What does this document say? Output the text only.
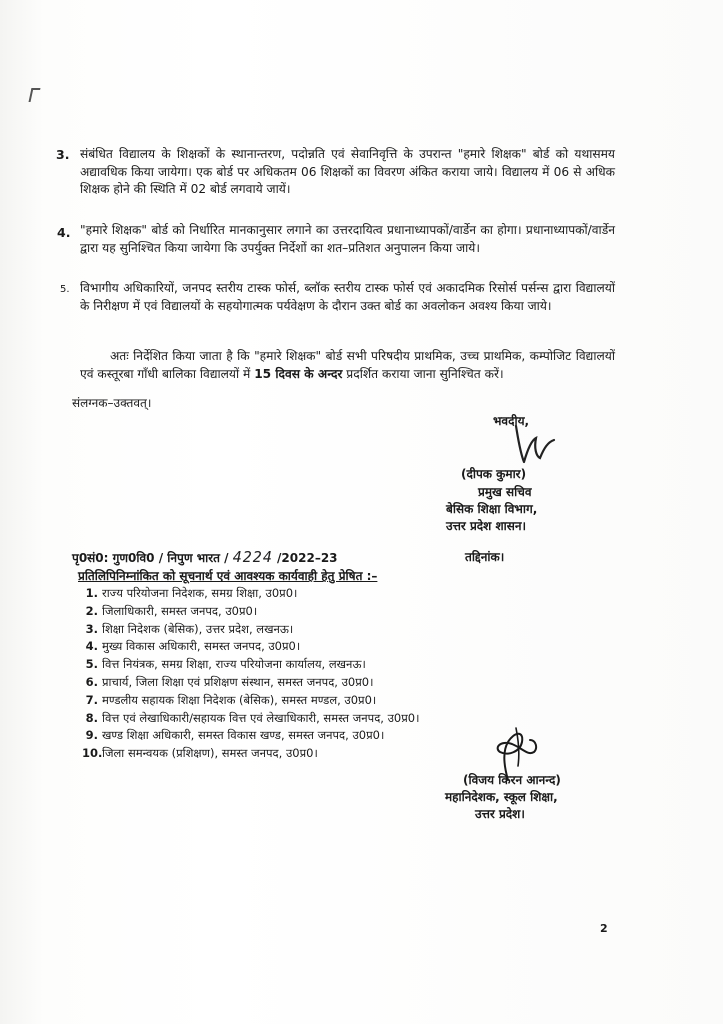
3. संबंधित विद्यालय के शिक्षकों के स्थानान्तरण, पदोन्नति एवं सेवानिवृत्ति के उपरान्त "हमारे शिक्षक" बोर्ड को यथासमय अद्यावधिक किया जायेगा। एक बोर्ड पर अधिकतम 06 शिक्षकों का विवरण अंकित कराया जाये। विद्यालय में 06 से अधिक शिक्षक होने की स्थिति में 02 बोर्ड लगवाये जायें।
4. "हमारे शिक्षक" बोर्ड को निर्धारित मानकानुसार लगाने का उत्तरदायित्व प्रधानाध्यापकों/वार्डेन का होगा। प्रधानाध्यापकों/वार्डेन द्वारा यह सुनिश्चित किया जायेगा कि उपर्युक्त निर्देशों का शत–प्रतिशत अनुपालन किया जाये।
5. विभागीय अधिकारियों, जनपद स्तरीय टास्क फोर्स, ब्लॉक स्तरीय टास्क फोर्स एवं अकादमिक रिसोर्स पर्सन्स द्वारा विद्यालयों के निरीक्षण में एवं विद्यालयों के सहयोगात्मक पर्यवेक्षण के दौरान उक्त बोर्ड का अवलोकन अवश्य किया जाये।
अतः निर्देशित किया जाता है कि "हमारे शिक्षक" बोर्ड सभी परिषदीय प्राथमिक, उच्च प्राथमिक, कम्पोजिट विद्यालयों एवं कस्तूरबा गाँधी बालिका विद्यालयों में 15 दिवस के अन्दर प्रदर्शित कराया जाना सुनिश्चित करें।
संलग्नक–उक्तवत्।
भवदीय,
(दीपक कुमार)
प्रमुख सचिव
बेसिक शिक्षा विभाग,
उत्तर प्रदेश शासन।
पृ0सं0: गुण0वि0 / निपुण भारत / 4224 /2022–23	तद्दिनांक।
प्रतिलिपिनिम्नांकित को सूचनार्थ एवं आवश्यक कार्यवाही हेतु प्रेषित :–
1. राज्य परियोजना निदेशक, समग्र शिक्षा, उ0प्र0।
2. जिलाधिकारी, समस्त जनपद, उ0प्र0।
3. शिक्षा निदेशक (बेसिक), उत्तर प्रदेश, लखनऊ।
4. मुख्य विकास अधिकारी, समस्त जनपद, उ0प्र0।
5. वित्त नियंत्रक, समग्र शिक्षा, राज्य परियोजना कार्यालय, लखनऊ।
6. प्राचार्य, जिला शिक्षा एवं प्रशिक्षण संस्थान, समस्त जनपद, उ0प्र0।
7. मण्डलीय सहायक शिक्षा निदेशक (बेसिक), समस्त मण्डल, उ0प्र0।
8. वित्त एवं लेखाधिकारी/सहायक वित्त एवं लेखाधिकारी, समस्त जनपद, उ0प्र0।
9. खण्ड शिक्षा अधिकारी, समस्त विकास खण्ड, समस्त जनपद, उ0प्र0।
10.जिला समन्वयक (प्रशिक्षण), समस्त जनपद, उ0प्र0।
(विजय किरन आनन्द)
महानिदेशक, स्कूल शिक्षा,
उत्तर प्रदेश।
2
